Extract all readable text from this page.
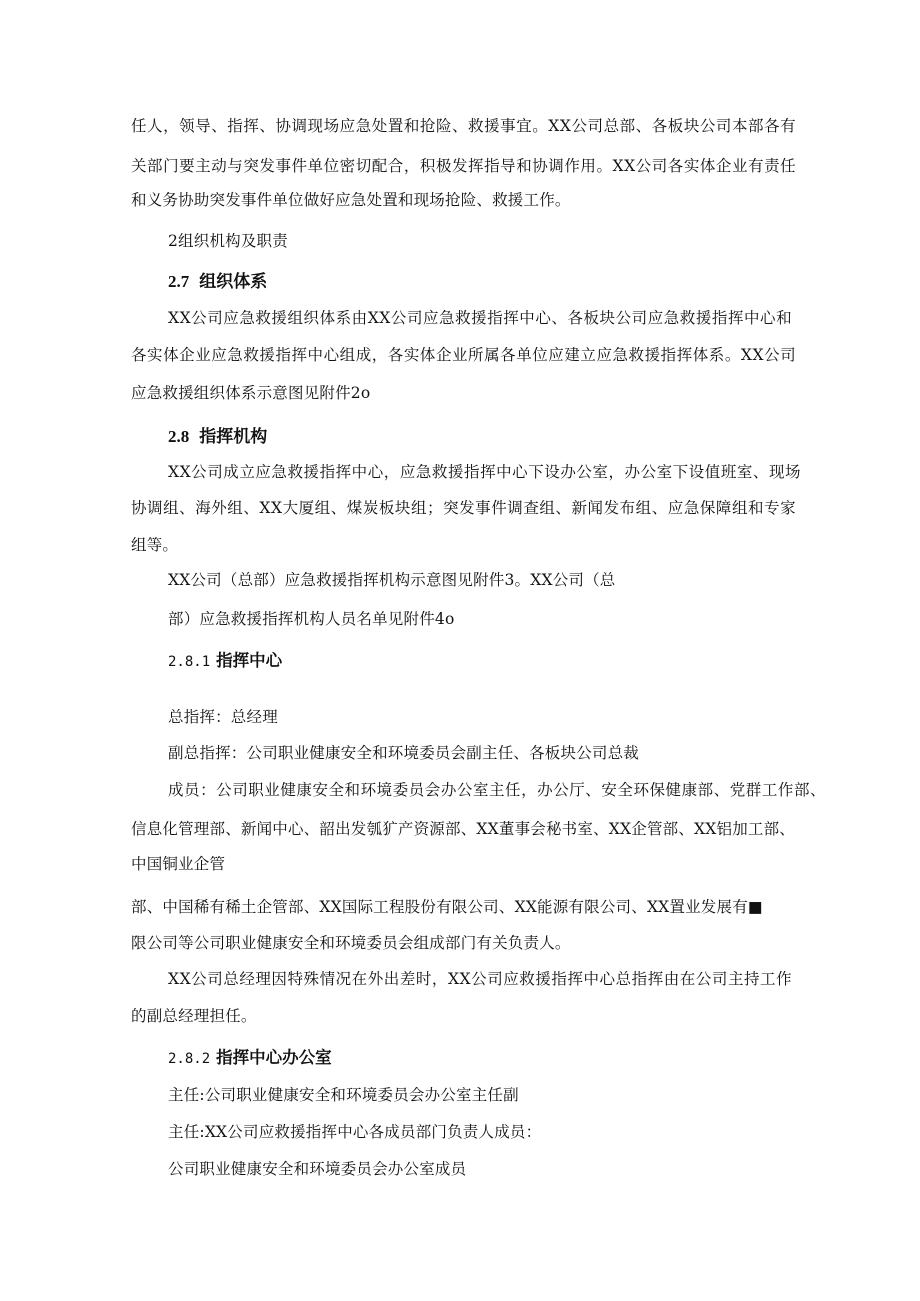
任人，领导、指挥、协调现场应急处置和抢险、救援事宜。XX公司总部、各板块公司本部各有
关部门要主动与突发事件单位密切配合，积极发挥指导和协调作用。XX公司各实体企业有责任
和义务协助突发事件单位做好应急处置和现场抢险、救援工作。
2组织机构及职责
2.7 组织体系
XX公司应急救援组织体系由XX公司应急救援指挥中心、各板块公司应急救援指挥中心和
各实体企业应急救援指挥中心组成，各实体企业所属各单位应建立应急救援指挥体系。XX公司
应急救援组织体系示意图见附件2o
2.8 指挥机构
XX公司成立应急救援指挥中心，应急救援指挥中心下设办公室，办公室下设值班室、现场
协调组、海外组、XX大厦组、煤炭板块组；突发事件调查组、新闻发布组、应急保障组和专家
组等。
XX公司（总部）应急救援指挥机构示意图见附件3。XX公司（总
部）应急救援指挥机构人员名单见附件4o
2.8.1 指挥中心
总指挥：总经理
副总指挥：公司职业健康安全和环境委员会副主任、各板块公司总裁
成员：公司职业健康安全和环境委员会办公室主任，办公厅、安全环保健康部、党群工作部、
信息化管理部、新闻中心、韶出发瓠犷产资源部、XX董事会秘书室、XX企管部、XX铝加工部、
中国铜业企管
部、中国稀有稀土企管部、XX国际工程股份有限公司、XX能源有限公司、XX置业发展有■
限公司等公司职业健康安全和环境委员会组成部门有关负责人。
XX公司总经理因特殊情况在外出差时，XX公司应救援指挥中心总指挥由在公司主持工作
的副总经理担任。
2.8.2 指挥中心办公室
主任:公司职业健康安全和环境委员会办公室主任副
主任:XX公司应救援指挥中心各成员部门负责人成员：
公司职业健康安全和环境委员会办公室成员
